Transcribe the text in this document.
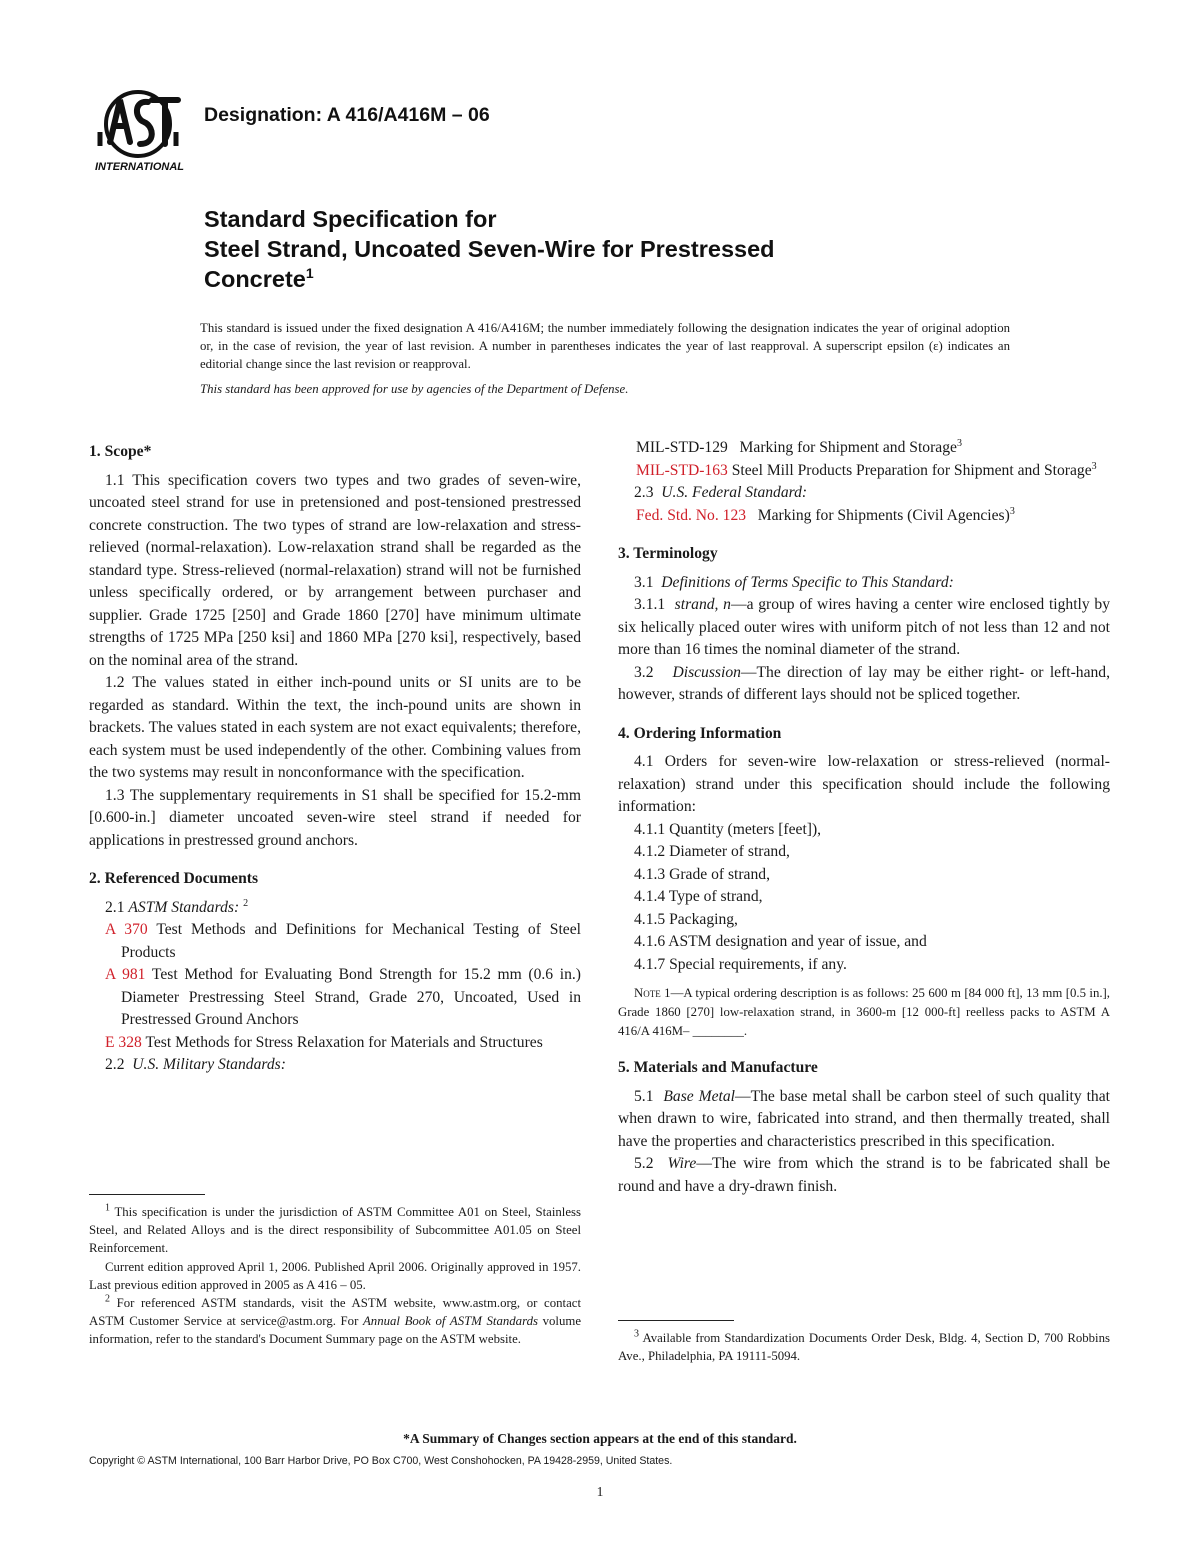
INTERNATIONAL
Designation: A 416/A416M – 06
Standard Specification for
Steel Strand, Uncoated Seven-Wire for Prestressed
Concrete$^1$
This standard is issued under the fixed designation A 416/A416M; the number immediately following the designation indicates the year of original adoption or, in the case of revision, the year of last revision. A number in parentheses indicates the year of last reapproval. A superscript epsilon (ε) indicates an editorial change since the last revision or reapproval.
This standard has been approved for use by agencies of the Department of Defense.
1. Scope*

1.1 This specification covers two types and two grades of seven-wire, uncoated steel strand for use in pretensioned and post-tensioned prestressed concrete construction. The two types of strand are low-relaxation and stress-relieved (normal-relaxation). Low-relaxation strand shall be regarded as the standard type. Stress-relieved (normal-relaxation) strand will not be furnished unless specifically ordered, or by arrangement between purchaser and supplier. Grade 1725 [250] and Grade 1860 [270] have minimum ultimate strengths of 1725 MPa [250 ksi] and 1860 MPa [270 ksi], respectively, based on the nominal area of the strand.

1.2 The values stated in either inch-pound units or SI units are to be regarded as standard. Within the text, the inch-pound units are shown in brackets. The values stated in each system are not exact equivalents; therefore, each system must be used independently of the other. Combining values from the two systems may result in nonconformance with the specification.

1.3 The supplementary requirements in S1 shall be specified for 15.2-mm [0.600-in.] diameter uncoated seven-wire steel strand if needed for applications in prestressed ground anchors.

2. Referenced Documents

2.1 ASTM Standards: $^2$

A 370 Test Methods and Definitions for Mechanical Testing of Steel Products

A 981 Test Method for Evaluating Bond Strength for 15.2 mm (0.6 in.) Diameter Prestressing Steel Strand, Grade 270, Uncoated, Used in Prestressed Ground Anchors

E 328 Test Methods for Stress Relaxation for Materials and Structures

2.2 U.S. Military Standards:

$^1$ This specification is under the jurisdiction of ASTM Committee A01 on Steel, Stainless Steel, and Related Alloys and is the direct responsibility of Subcommittee A01.05 on Steel Reinforcement.

Current edition approved April 1, 2006. Published April 2006. Originally approved in 1957. Last previous edition approved in 2005 as A 416 – 05.

$^2$ For referenced ASTM standards, visit the ASTM website, www.astm.org, or contact ASTM Customer Service at service@astm.org. For Annual Book of ASTM Standards volume information, refer to the standard's Document Summary page on the ASTM website.

MIL-STD-129 Marking for Shipment and Storage$^3$

MIL-STD-163 Steel Mill Products Preparation for Shipment and Storage$^3$

2.3 U.S. Federal Standard:

Fed. Std. No. 123 Marking for Shipments (Civil Agencies)$^3$

3. Terminology

3.1 Definitions of Terms Specific to This Standard:

3.1.1 strand, n—a group of wires having a center wire enclosed tightly by six helically placed outer wires with uniform pitch of not less than 12 and not more than 16 times the nominal diameter of the strand.

3.2 Discussion—The direction of lay may be either right- or left-hand, however, strands of different lays should not be spliced together.

4. Ordering Information

4.1 Orders for seven-wire low-relaxation or stress-relieved (normal-relaxation) strand under this specification should include the following information:

4.1.1 Quantity (meters [feet]),

4.1.2 Diameter of strand,

4.1.3 Grade of strand,

4.1.4 Type of strand,

4.1.5 Packaging,

4.1.6 ASTM designation and year of issue, and

4.1.7 Special requirements, if any.

Note 1—A typical ordering description is as follows: 25 600 m [84 000 ft], 13 mm [0.5 in.], Grade 1860 [270] low-relaxation strand, in 3600-m [12 000-ft] reelless packs to ASTM A 416/A 416M– ________.

5. Materials and Manufacture

5.1 Base Metal—The base metal shall be carbon steel of such quality that when drawn to wire, fabricated into strand, and then thermally treated, shall have the properties and characteristics prescribed in this specification.

5.2 Wire—The wire from which the strand is to be fabricated shall be round and have a dry-drawn finish.

$^3$ Available from Standardization Documents Order Desk, Bldg. 4, Section D, 700 Robbins Ave., Philadelphia, PA 19111-5094.

*A Summary of Changes section appears at the end of this standard.
Copyright © ASTM International, 100 Barr Harbor Drive, PO Box C700, West Conshohocken, PA 19428-2959, United States.
1
